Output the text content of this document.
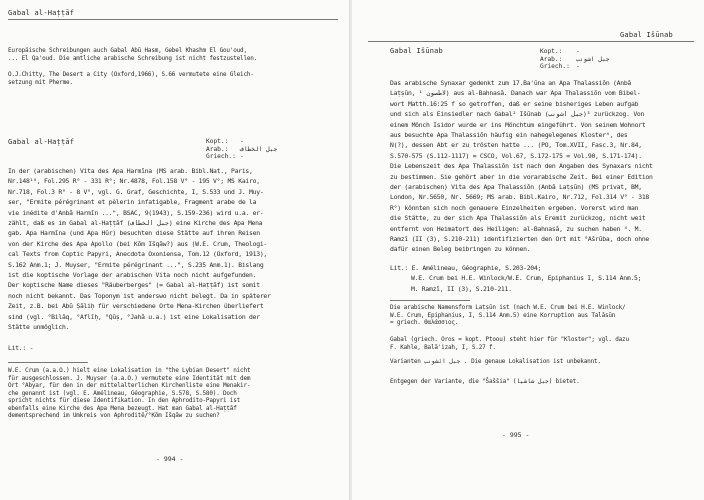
Gabal al-Haṭṭāf
Europäische Schreibungen auch Gabal Abū Hasm, Gebel Khashm El Gou'oud,
... El Qa'oud. Die amtliche arabische Schreibung ist nicht festzustellen.
O.J.Chitty, The Desert a City (Oxford,1966), S.66 vermutete eine Gleich-
setzung mit Pherme.
Gabal al-Haṭṭāf	Kopt.:
Arab.:
Griech.:
-
جبل الخطاف
-
In der (arabischen) Vita des Apa Harmīna (MS arab. Bibl.Nat., Paris,
Nr.148¹⁰, Fol.295 R° - 331 R°; Nr.4878, Fol.158 V° - 195 V°; MS Kairo,
Nr.718, Fol.3 R° - 8 V°, vgl. G. Graf, Geschichte, I, S.533 und J. Muy-
ser, "Ermite pérégrinant et pèlerin infatigable, Fragment arabe de la
vie inédite d'Anbā Harmīn ...", BSAC, 9(1943), S.159-236) wird u.a. er-
zählt, daß es im Gabal al-Haṭṭāf (جبل الخطاف) eine Kirche des Apa Mena
gab. Apa Harmīna (und Apa Hūr) besuchten diese Stätte auf ihren Reisen
von der Kirche des Apa Apollo (bei Kōm Išqāw?) aus (W.E. Crum, Theologi-
cal Texts from Coptic Papyri, Anecdota Oxoniensa, Tom.12 (Oxford, 1913),
S.162 Anm.1; J. Muyser, "Ermite pérégrinant ...", S.235 Anm.1). Bislang
ist die koptische Vorlage der arabischen Vita noch nicht aufgefunden.
Der koptische Name dieses "Räuberberges" (= Gabal al-Haṭṭāf) ist somit
noch nicht bekannt. Das Toponym ist anderswo nicht belegt. Da in späterer
Zeit, z.B. bei Abū Ṣāliḥ für verschiedene Orte Mena-Kirchen überliefert
sind (vgl. °Bilāq, °Aflīḥ, °Qūṣ, °Jahā u.a.) ist eine Lokalisation der
Stätte unmöglich.
Lit.: -
W.E. Crum (a.a.O.) hielt eine Lokalisation in "the Lybian Desert" nicht
für ausgeschlossen. J. Muyser (a.a.O.) vermutete eine Identität mit dem
Ort °Abyar, für den in der mittelalterlichen Kirchenliste eine Menakir-
che genannt ist (vgl. E. Amélineau, Géographie, S.578, S.580). Doch
spricht nichts für diese Identifikation. In den Aphrodito-Papyri ist
ebenfalls eine Kirche des Apa Mena bezeugt. Hat man Gabal al-Haṭṭāf
dementsprechend im Umkreis von Aphroditē/°Kōm Išqāw zu suchen?
- 994 -
Gabal Išūnab
Gabal Išūnab	Kopt.:
Arab.:
Griech.:
-
جبل اشونب
-
Das arabische Synaxar gedenkt zum 17.Ba'ūna an Apa Thalassiōn (Anbā
Laṭṣūn, لاطصون ¹) aus al-Bahnasā. Danach war Apa Thalassiōn vom Bibel-
wort Matth.16:25 f so getroffen, daß er seine bisheriges Leben aufgab
und sich als Einsiedler nach Gabal² Išūnab (جبل اشونب)³ zurückzog. Von
einem Mönch Isidor wurde er ins Mönchtum eingeführt. Von seinem Wohnort
aus besuchte Apa Thalassiōn häufig ein nahegelegenes Kloster⁴, des
N(?), dessen Abt er zu trösten hatte ... (PO, Tom.XVII, Fasc.3, Nr.84,
S.570-575 (S.112-1117) = CSCO, Vol.67, S.172-175 = Vol.90, S.171-174).
Die Lebenszeit des Apa Thalassiōn ist nach den Angaben des Synaxars nicht
zu bestimmen. Sie gehört aber in die vorarabische Zeit. Bei einer Edition
der (arabischen) Vita des Apa Thalassiōn (Anbā Laṭṣūn) (MS privat, BM,
London, Nr.5650, Nr. 5669; MS arab. Bibl.Kairo, Nr.712, Fol.314 V° - 318
R°) könnten sich noch genauere Einzelheiten ergeben. Vorerst wird man
die Stätte, zu der sich Apa Thalassiōn als Eremit zurückzog, nicht weit
entfernt von Heimatort des Heiligen: al-Bahnasā, zu suchen haben ⁴. M.
Ramzī (II (3), S.210-211) identifizierten den Ort mit °Ašrūba, doch ohne
dafür einen Beleg beibringen zu können.
Lit.: E. Amélineau, Géographie, S.203-204;
W.E. Crum bei H.E. Winlock/W.E. Crum, Epiphanius I, S.114 Anm.5;
M. Ramzī, II (3), S.210-211.
Die arabische Namensform Laṭṣūn ist (nach W.E. Crum bei H.E. Winlock/
W.E. Crum, Epiphanius, I, S.114 Anm.5) eine Korruption aus Talāsūn
= griech. Θαλάσσιος.
Gabal (griech. Oros = kopt. Ptoou) steht hier für "Kloster"; vgl. dazu
F. Kahle, Balā'izah, I, S.27 f.
Varianten جبل ائشونب . Die genaue Lokalisation ist unbekannt.
Entgegen der Variante, die "Šaššia" (جبل شاشيا) bietet.
- 995 -
